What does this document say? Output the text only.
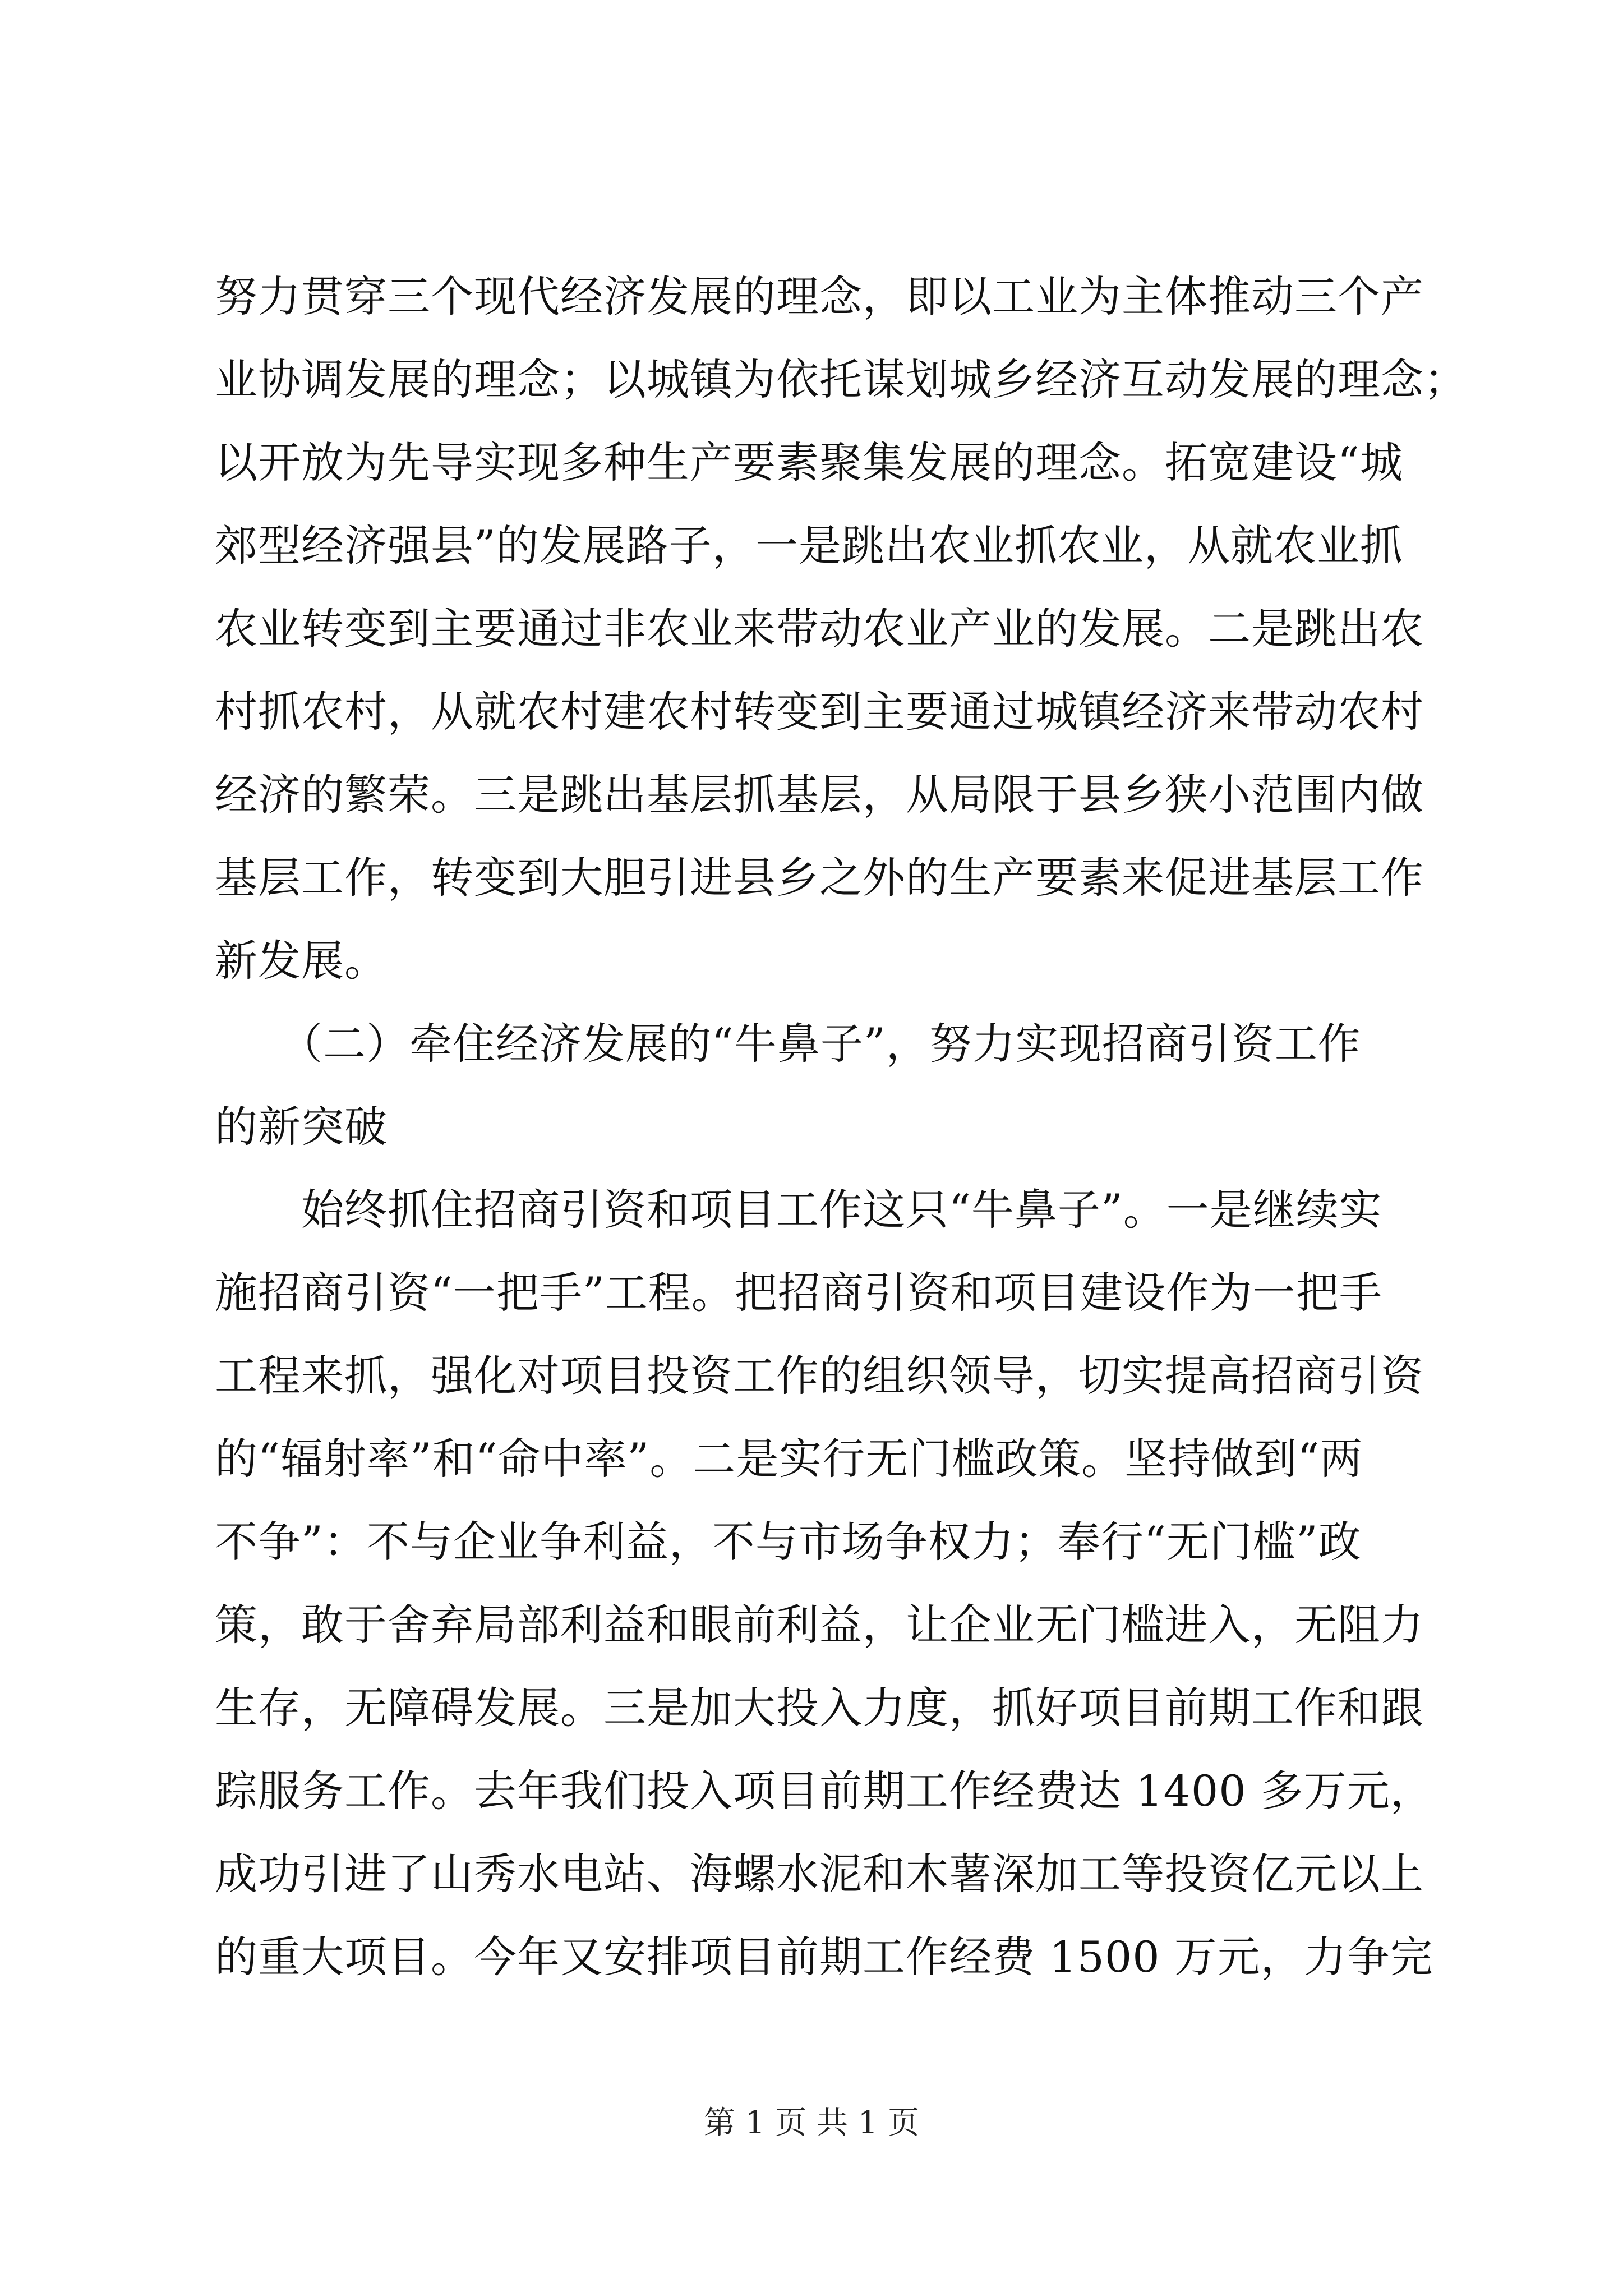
努力贯穿三个现代经济发展的理念，即以工业为主体推动三个产
业协调发展的理念；以城镇为依托谋划城乡经济互动发展的理念；
以开放为先导实现多种生产要素聚集发展的理念。拓宽建设“城
郊型经济强县”的发展路子，一是跳出农业抓农业，从就农业抓
农业转变到主要通过非农业来带动农业产业的发展。二是跳出农
村抓农村，从就农村建农村转变到主要通过城镇经济来带动农村
经济的繁荣。三是跳出基层抓基层，从局限于县乡狭小范围内做
基层工作，转变到大胆引进县乡之外的生产要素来促进基层工作
新发展。
　　（二）牵住经济发展的“牛鼻子”，努力实现招商引资工作
的新突破
　　始终抓住招商引资和项目工作这只“牛鼻子”。一是继续实
施招商引资“一把手”工程。把招商引资和项目建设作为一把手
工程来抓，强化对项目投资工作的组织领导，切实提高招商引资
的“辐射率”和“命中率”。二是实行无门槛政策。坚持做到“两
不争”：不与企业争利益，不与市场争权力；奉行“无门槛”政
策，敢于舍弃局部利益和眼前利益，让企业无门槛进入，无阻力
生存，无障碍发展。三是加大投入力度，抓好项目前期工作和跟
踪服务工作。去年我们投入项目前期工作经费达 1400 多万元，
成功引进了山秀水电站、海螺水泥和木薯深加工等投资亿元以上
的重大项目。今年又安排项目前期工作经费 1500 万元，力争完
第 1 页 共 1 页
